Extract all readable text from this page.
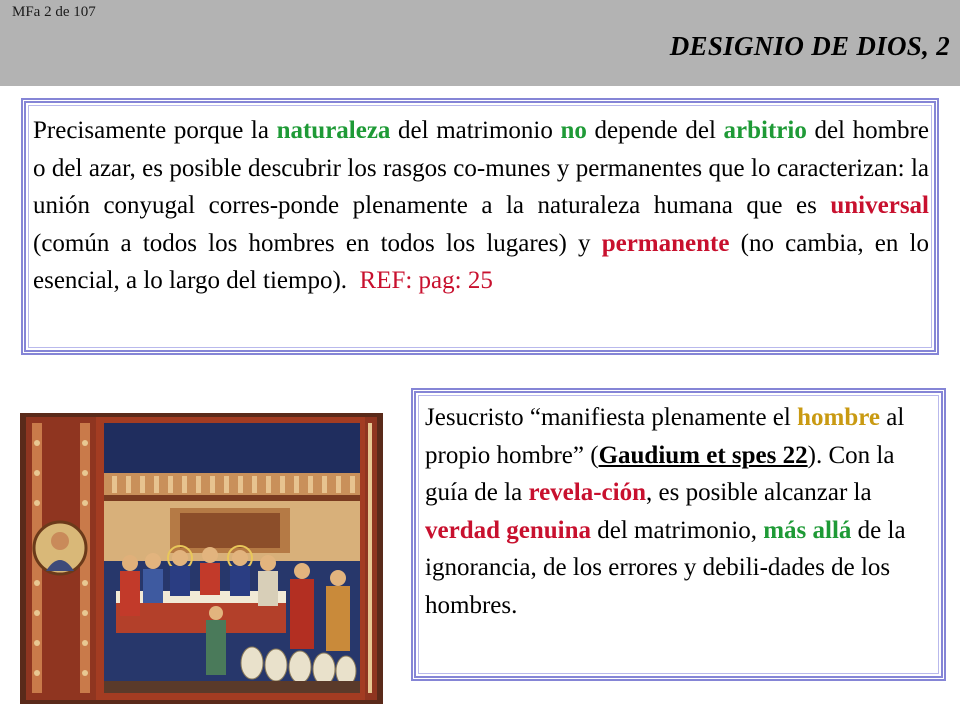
MFa 2 de 107
DESIGNIO DE DIOS, 2

Precisamente porque la naturaleza del matrimonio no depende del arbitrio del hombre o del azar, es posible descubrir los rasgos co-munes y permanentes que lo caracterizan: la unión conyugal corres-ponde plenamente a la naturaleza humana que es universal (común a todos los hombres en todos los lugares) y permanente (no cambia, en lo esencial, a lo largo del tiempo). REF: pag: 25

Jesucristo “manifiesta plenamente el hombre al propio hombre” (Gaudium et spes 22). Con la guía de la revela-ción, es posible alcanzar la verdad genuina del matrimonio, más allá de la ignorancia, de los errores y debili-dades de los hombres.
